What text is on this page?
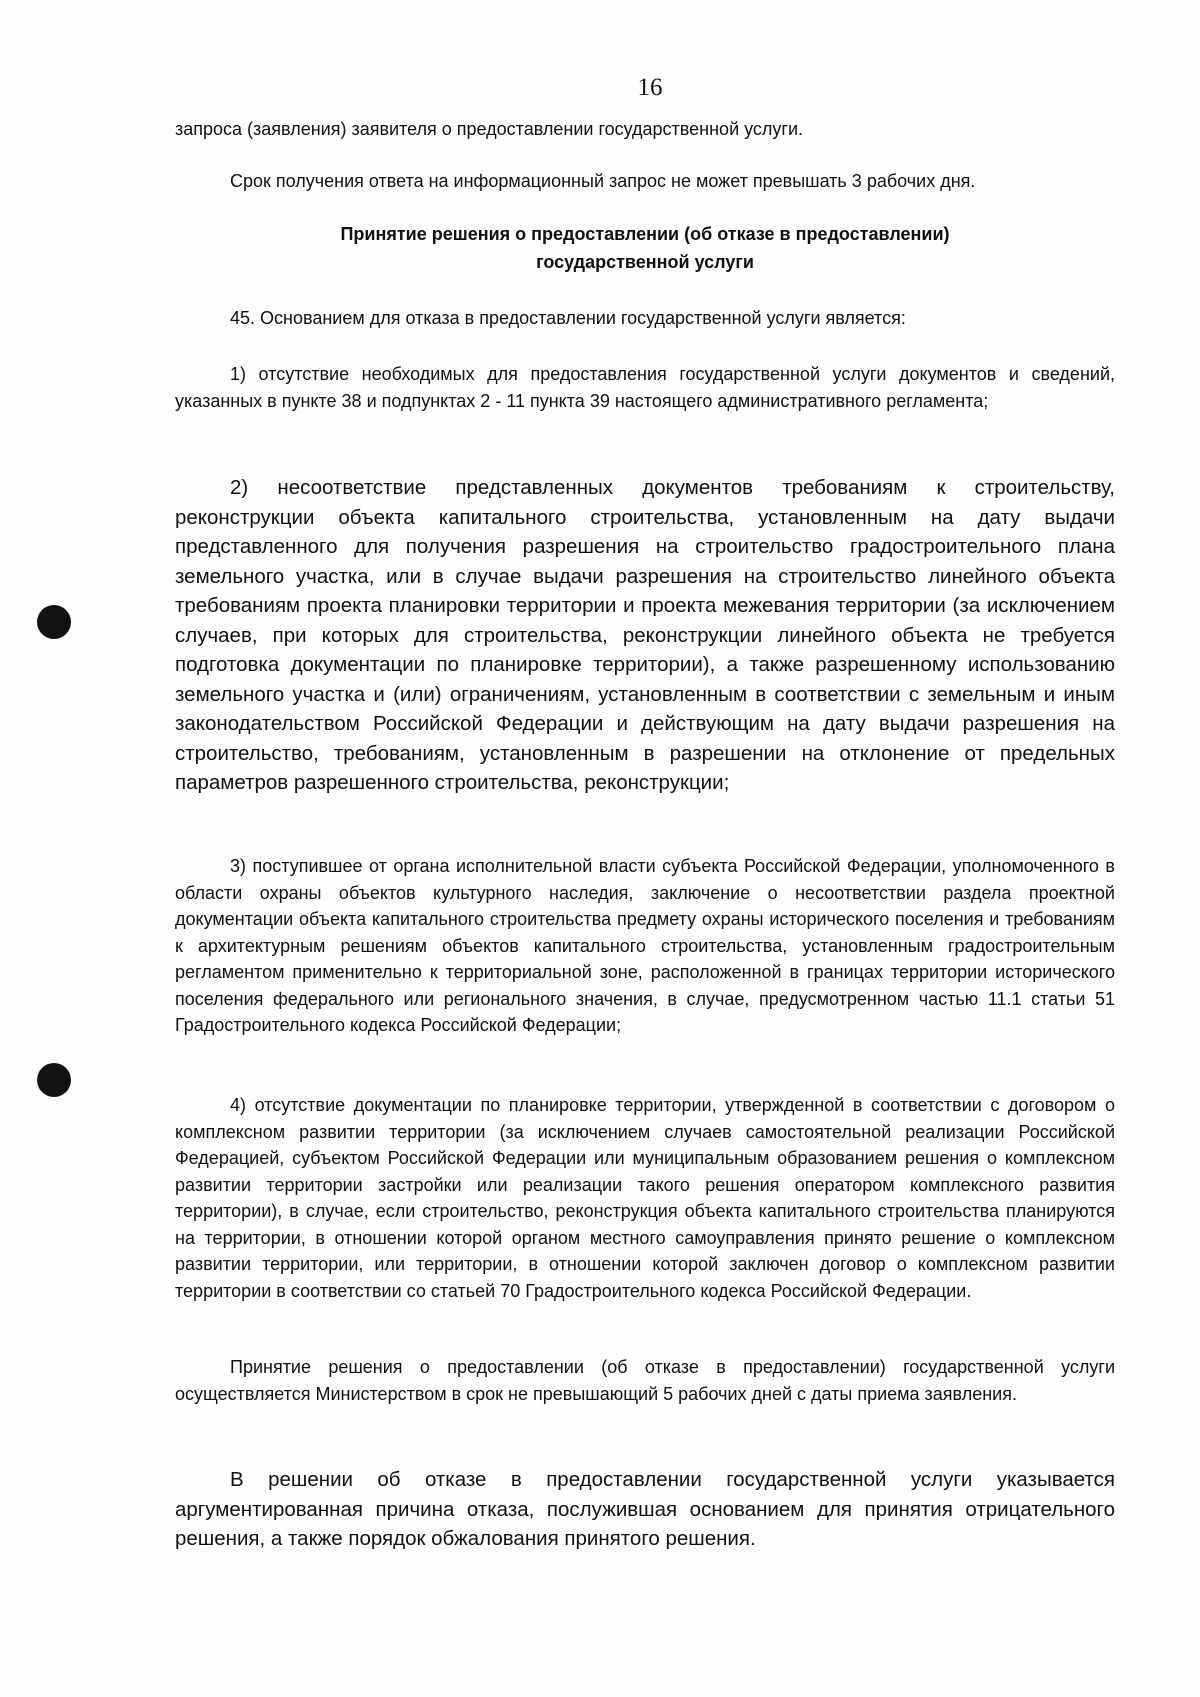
16

запроса (заявления) заявителя о предоставлении государственной услуги.

Срок получения ответа на информационный запрос не может превышать 3 рабочих дня.

Принятие решения о предоставлении (об отказе в предоставлении)
государственной услуги

45. Основанием для отказа в предоставлении государственной услуги является:

1) отсутствие необходимых для предоставления государственной услуги документов и сведений, указанных в пункте 38 и подпунктах 2 - 11 пункта 39 настоящего административного регламента;

2) несоответствие представленных документов требованиям к строительству, реконструкции объекта капитального строительства, установленным на дату выдачи представленного для получения разрешения на строительство градостроительного плана земельного участка, или в случае выдачи разрешения на строительство линейного объекта требованиям проекта планировки территории и проекта межевания территории (за исключением случаев, при которых для строительства, реконструкции линейного объекта не требуется подготовка документации по планировке территории), а также разрешенному использованию земельного участка и (или) ограничениям, установленным в соответствии с земельным и иным законодательством Российской Федерации и действующим на дату выдачи разрешения на строительство, требованиям, установленным в разрешении на отклонение от предельных параметров разрешенного строительства, реконструкции;

3) поступившее от органа исполнительной власти субъекта Российской Федерации, уполномоченного в области охраны объектов культурного наследия, заключение о несоответствии раздела проектной документации объекта капитального строительства предмету охраны исторического поселения и требованиям к архитектурным решениям объектов капитального строительства, установленным градостроительным регламентом применительно к территориальной зоне, расположенной в границах территории исторического поселения федерального или регионального значения, в случае, предусмотренном частью 11.1 статьи 51 Градостроительного кодекса Российской Федерации;

4) отсутствие документации по планировке территории, утвержденной в соответствии с договором о комплексном развитии территории (за исключением случаев самостоятельной реализации Российской Федерацией, субъектом Российской Федерации или муниципальным образованием решения о комплексном развитии территории застройки или реализации такого решения оператором комплексного развития территории), в случае, если строительство, реконструкция объекта капитального строительства планируются на территории, в отношении которой органом местного самоуправления принято решение о комплексном развитии территории, или территории, в отношении которой заключен договор о комплексном развитии территории в соответствии со статьей 70 Градостроительного кодекса Российской Федерации.

Принятие решения о предоставлении (об отказе в предоставлении) государственной услуги осуществляется Министерством в срок не превышающий 5 рабочих дней с даты приема заявления.

В решении об отказе в предоставлении государственной услуги указывается аргументированная причина отказа, послужившая основанием для принятия отрицательного решения, а также порядок обжалования принятого решения.
